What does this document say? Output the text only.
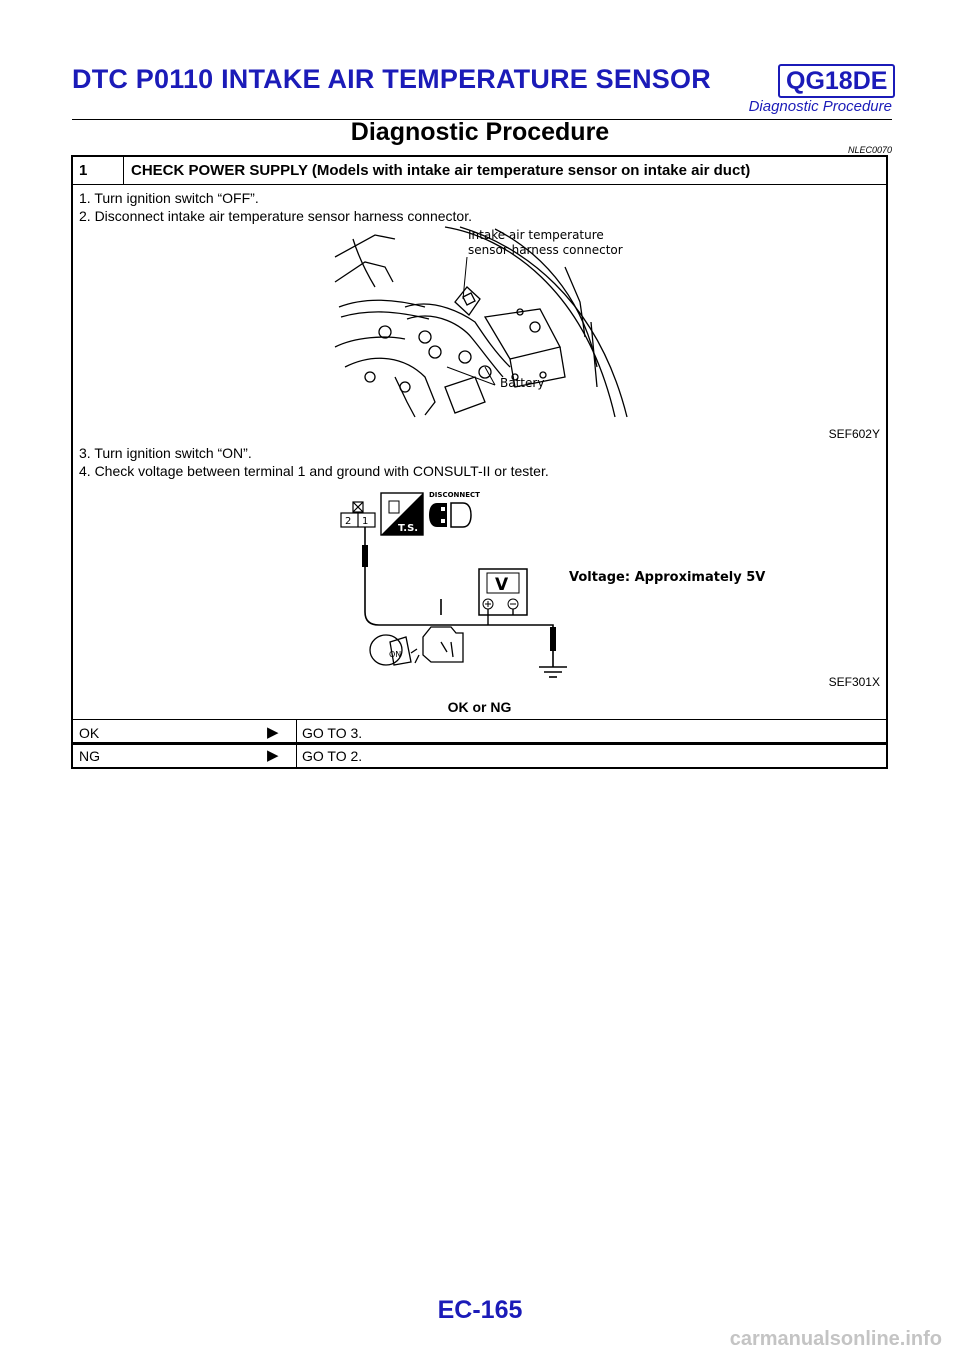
DTC P0110 INTAKE AIR TEMPERATURE SENSOR	QG18DE
Diagnostic Procedure
Diagnostic Procedure
NLEC0070
1	CHECK POWER SUPPLY (Models with intake air temperature sensor on intake air duct)
1. Turn ignition switch “OFF”.
2. Disconnect intake air temperature sensor harness connector.
Intake air temperature
sensor harness connector
Battery
SEF602Y
3. Turn ignition switch “ON”.
4. Check voltage between terminal 1 and ground with CONSULT-II or tester.
T.S.
DISCONNECT
2 1
V
ON
Voltage: Approximately 5V
SEF301X
OK or NG
OK	▶ GO TO 3.
NG	▶ GO TO 2.
EC-165
carmanualsonline.info
